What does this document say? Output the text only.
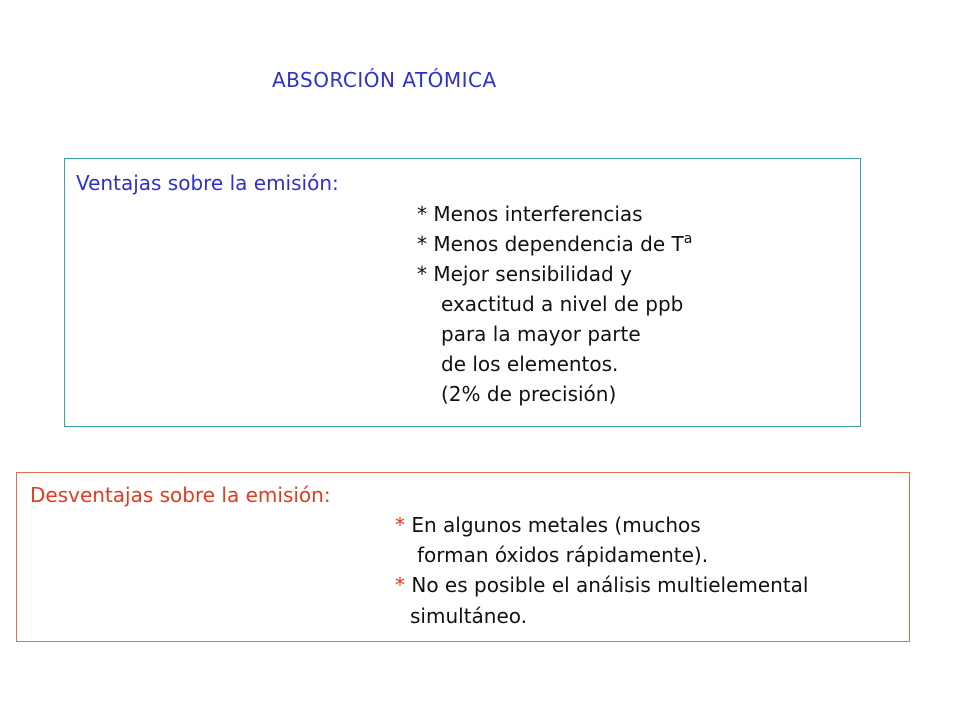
ABSORCIÓN ATÓMICA
Ventajas sobre la emisión:
* Menos interferencias
* Menos dependencia de $T^a$
* Mejor sensibilidad y
exactitud a nivel de ppb
para la mayor parte
de los elementos.
(2% de precisión)
Desventajas sobre la emisión:
* En algunos metales (muchos
forman óxidos rápidamente).
* No es posible el análisis multielemental
simultáneo.
